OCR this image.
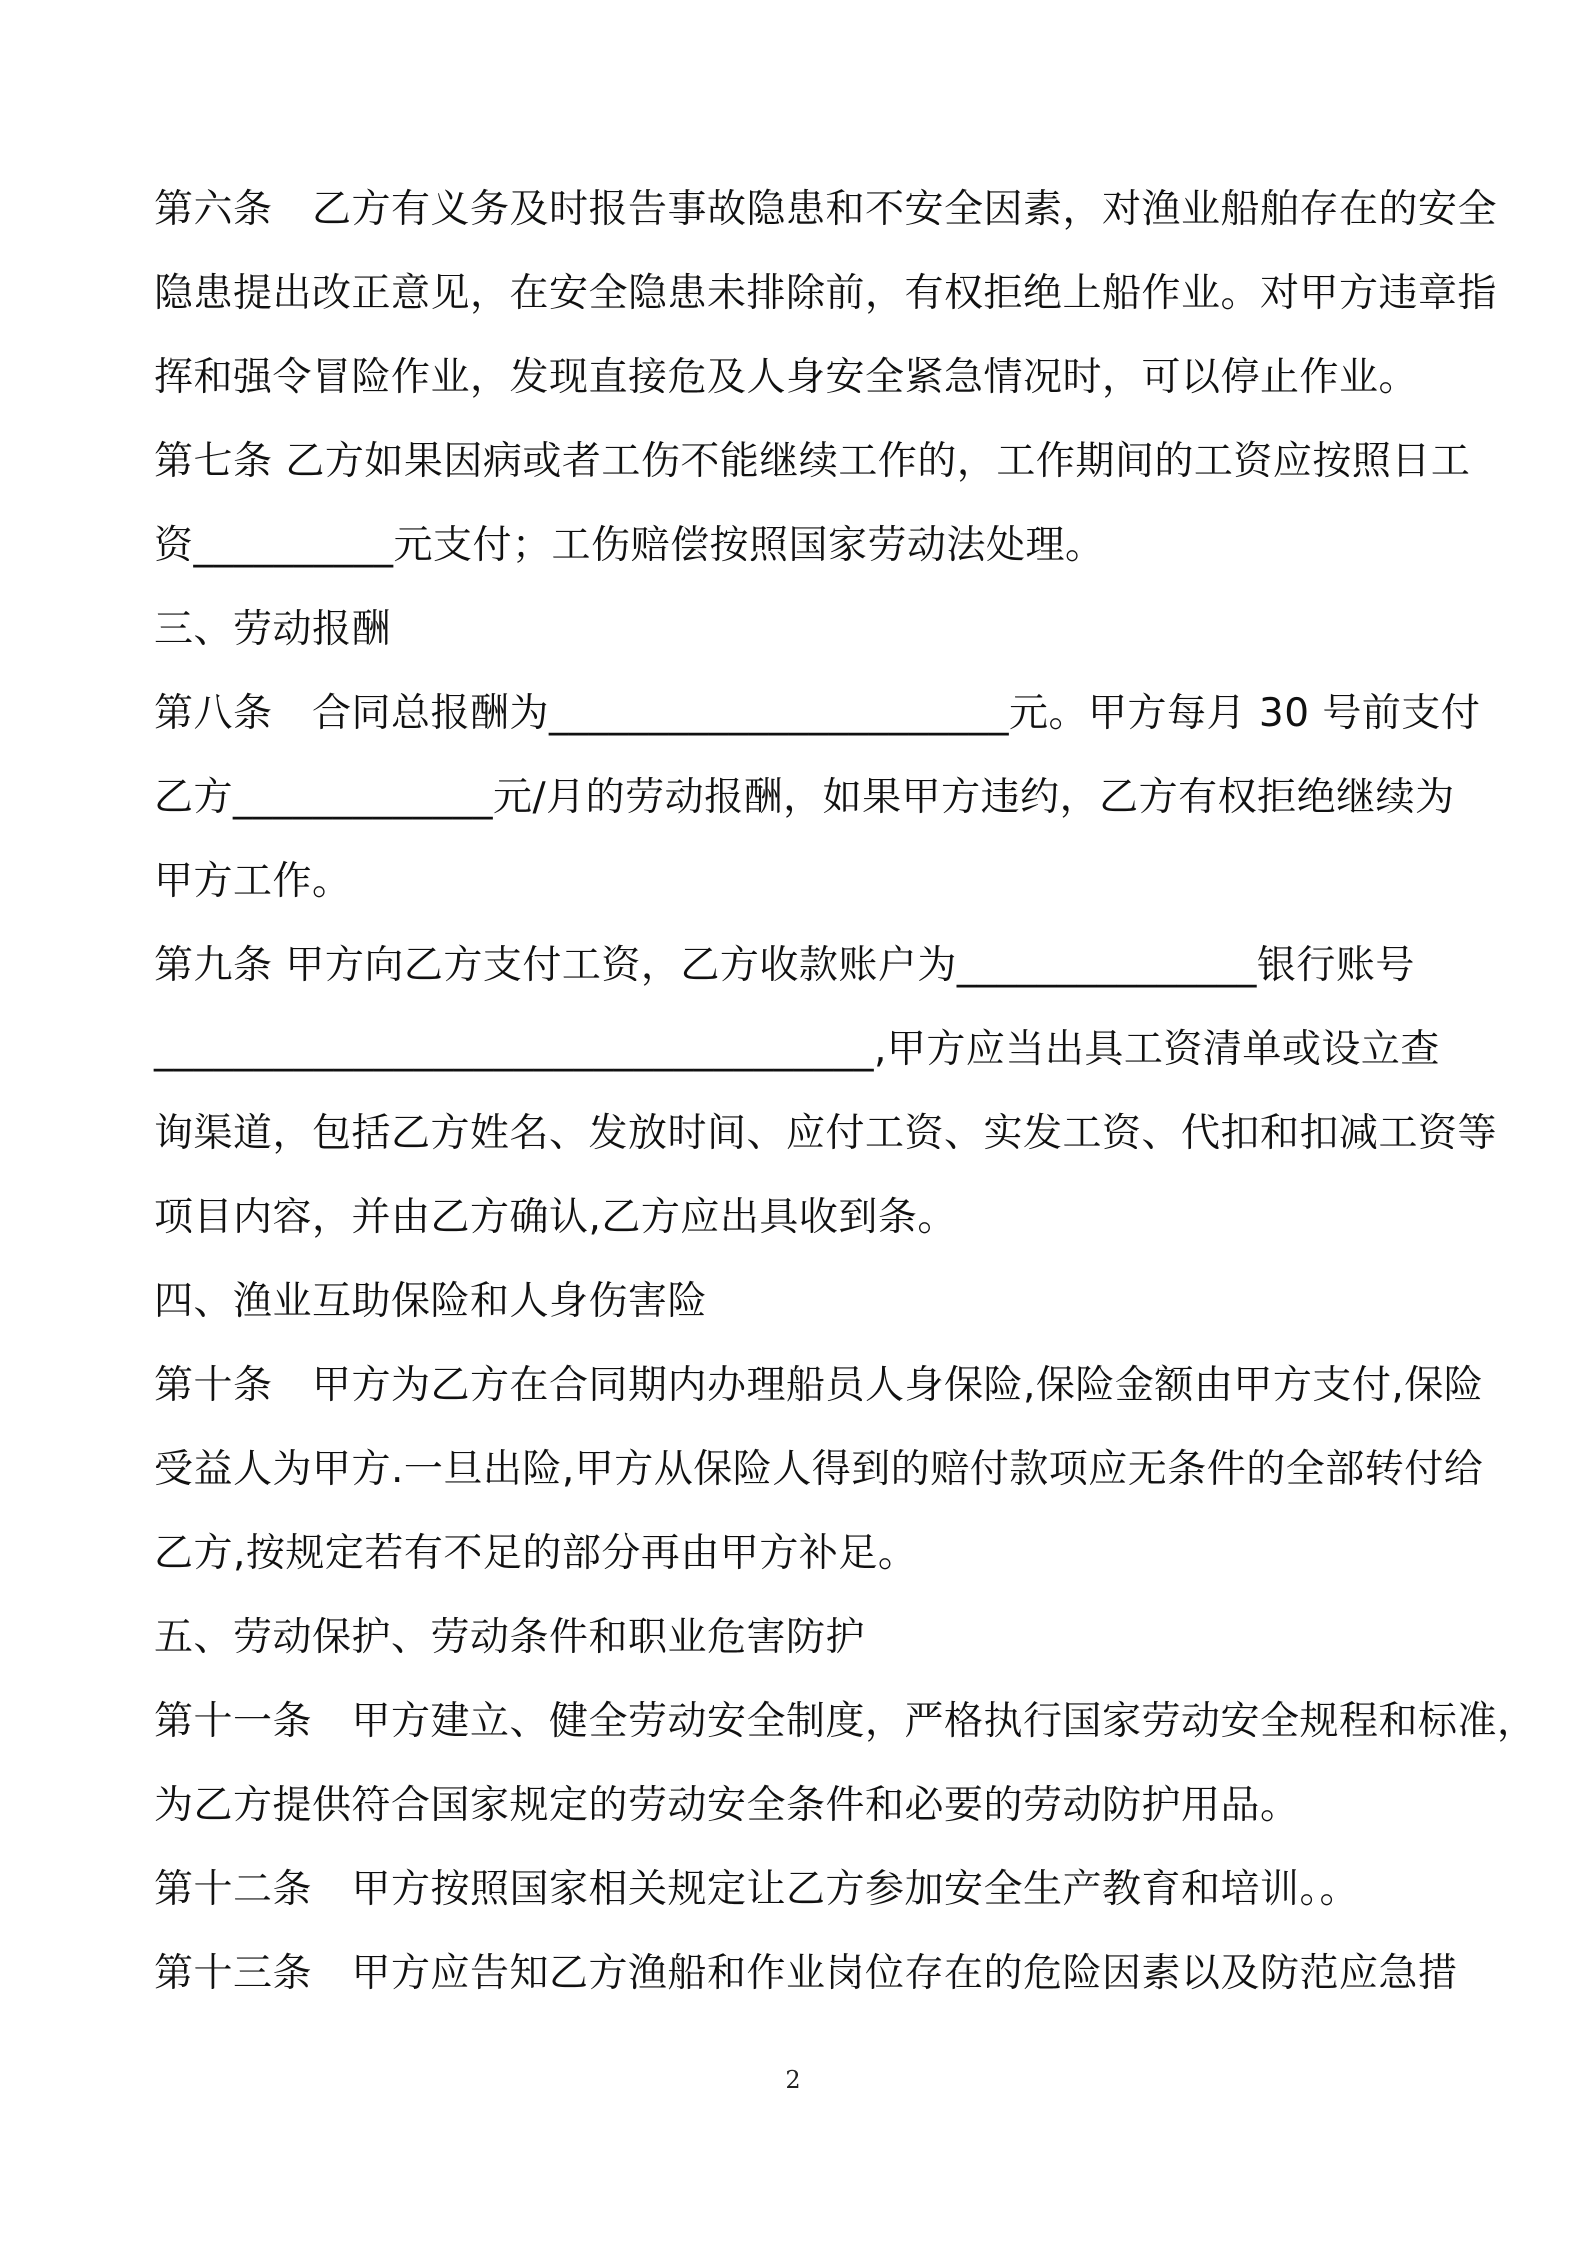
第六条　乙方有义务及时报告事故隐患和不安全因素，对渔业船舶存在的安全
隐患提出改正意见，在安全隐患未排除前，有权拒绝上船作业。对甲方违章指
挥和强令冒险作业，发现直接危及人身安全紧急情况时，可以停止作业。
第七条 乙方如果因病或者工伤不能继续工作的，工作期间的工资应按照日工
资__________元支付；工伤赔偿按照国家劳动法处理。
三、劳动报酬
第八条　合同总报酬为_______________________元。甲方每月 30 号前支付
乙方_____________元/月的劳动报酬，如果甲方违约，乙方有权拒绝继续为
甲方工作。
第九条 甲方向乙方支付工资，乙方收款账户为_______________银行账号
____________________________________,甲方应当出具工资清单或设立查
询渠道，包括乙方姓名、发放时间、应付工资、实发工资、代扣和扣减工资等
项目内容，并由乙方确认,乙方应出具收到条。
四、渔业互助保险和人身伤害险
第十条　甲方为乙方在合同期内办理船员人身保险,保险金额由甲方支付,保险
受益人为甲方.一旦出险,甲方从保险人得到的赔付款项应无条件的全部转付给
乙方,按规定若有不足的部分再由甲方补足。
五、劳动保护、劳动条件和职业危害防护
第十一条　甲方建立、健全劳动安全制度，严格执行国家劳动安全规程和标准，
为乙方提供符合国家规定的劳动安全条件和必要的劳动防护用品。
第十二条　甲方按照国家相关规定让乙方参加安全生产教育和培训。。
第十三条　甲方应告知乙方渔船和作业岗位存在的危险因素以及防范应急措
2
